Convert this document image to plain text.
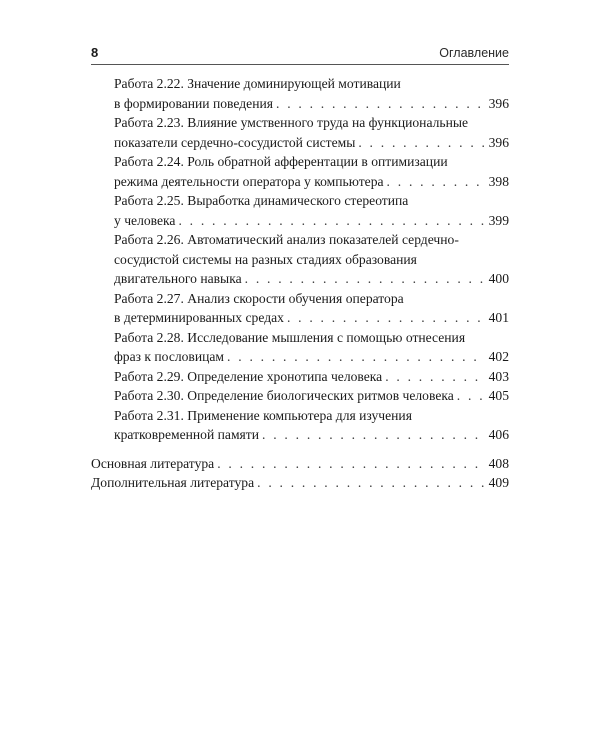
8	Оглавление
Работа 2.22. Значение доминирующей мотивации
в формировании поведения . . .	396
Работа 2.23. Влияние умственного труда на функциональные
показатели сердечно-сосудистой системы . . .	396
Работа 2.24. Роль обратной афферентации в оптимизации
режима деятельности оператора у компьютера . . .	398
Работа 2.25. Выработка динамического стереотипа
у человека . . .	399
Работа 2.26. Автоматический анализ показателей сердечно-
сосудистой системы на разных стадиях образования
двигательного навыка . . .	400
Работа 2.27. Анализ скорости обучения оператора
в детерминированных средах . . .	401
Работа 2.28. Исследование мышления с помощью отнесения
фраз к пословицам . . .	402
Работа 2.29. Определение хронотипа человека . . .	403
Работа 2.30. Определение биологических ритмов человека . . .	405
Работа 2.31. Применение компьютера для изучения
кратковременной памяти . . .	406
Основная литература . . .	408
Дополнительная литература . . .	409
